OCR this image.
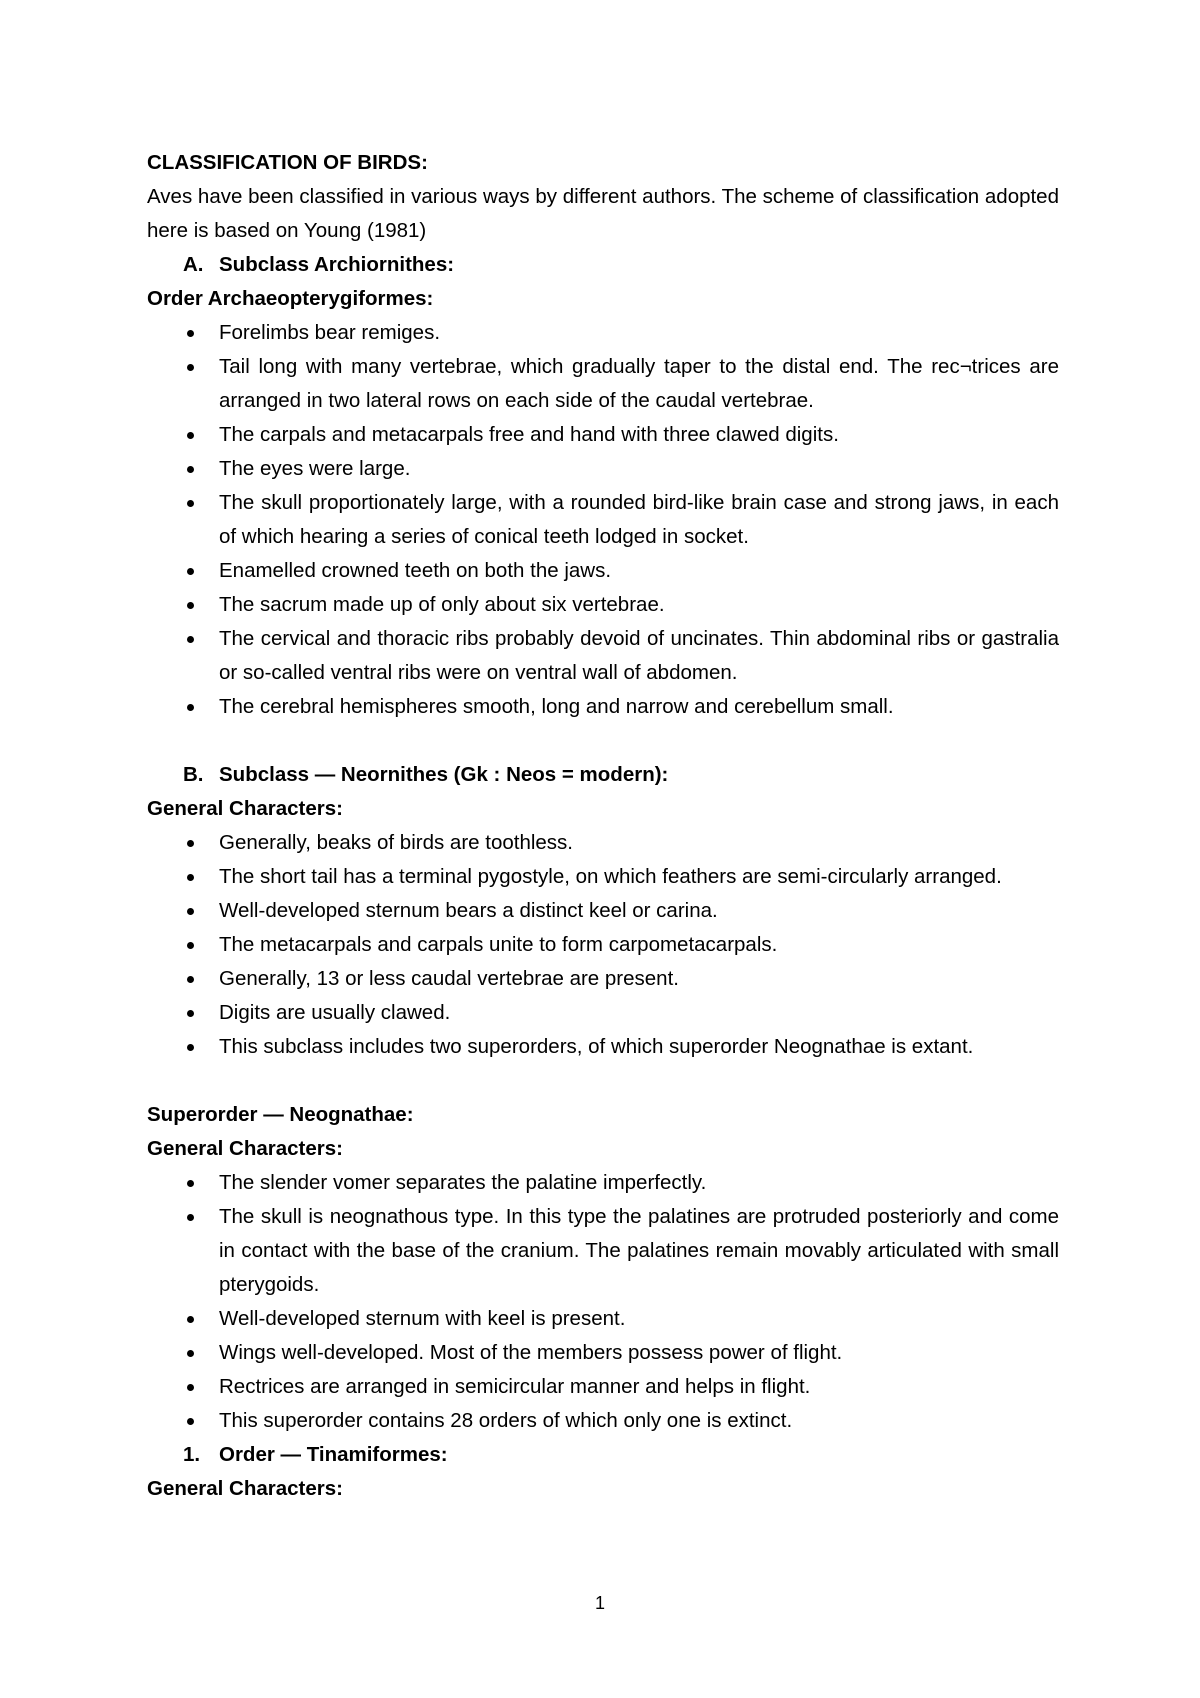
CLASSIFICATION OF BIRDS:

Aves have been classified in various ways by different authors. The scheme of classification adopted here is based on Young (1981)

A. Subclass Archiornithes:

Order Archaeopterygiformes:

Forelimbs bear remiges.
Tail long with many vertebrae, which gradually taper to the distal end. The rec¬trices are arranged in two lateral rows on each side of the caudal vertebrae.
The carpals and metacarpals free and hand with three clawed digits.
The eyes were large.
The skull proportionately large, with a rounded bird-like brain case and strong jaws, in each of which hearing a series of conical teeth lodged in socket.
Enamelled crowned teeth on both the jaws.
The sacrum made up of only about six vertebrae.
The cervical and thoracic ribs probably devoid of uncinates. Thin abdominal ribs or gastralia or so-called ventral ribs were on ventral wall of abdomen.
The cerebral hemispheres smooth, long and narrow and cerebellum small.
B. Subclass — Neornithes (Gk : Neos = modern):

General Characters:

Generally, beaks of birds are toothless.
The short tail has a terminal pygostyle, on which feathers are semi-circularly arranged.
Well-developed sternum bears a distinct keel or carina.
The metacarpals and carpals unite to form carpometacarpals.
Generally, 13 or less caudal vertebrae are present.
Digits are usually clawed.
This subclass includes two superorders, of which superorder Neognathae is extant.

Superorder — Neognathae:

General Characters:

The slender vomer separates the palatine imperfectly.
The skull is neognathous type. In this type the palatines are protruded posteriorly and come in contact with the base of the cranium. The palatines remain movably articulated with small pterygoids.
Well-developed sternum with keel is present.
Wings well-developed. Most of the members possess power of flight.
Rectrices are arranged in semicircular manner and helps in flight.
This superorder contains 28 orders of which only one is extinct.
1. Order — Tinamiformes:

General Characters:

1
